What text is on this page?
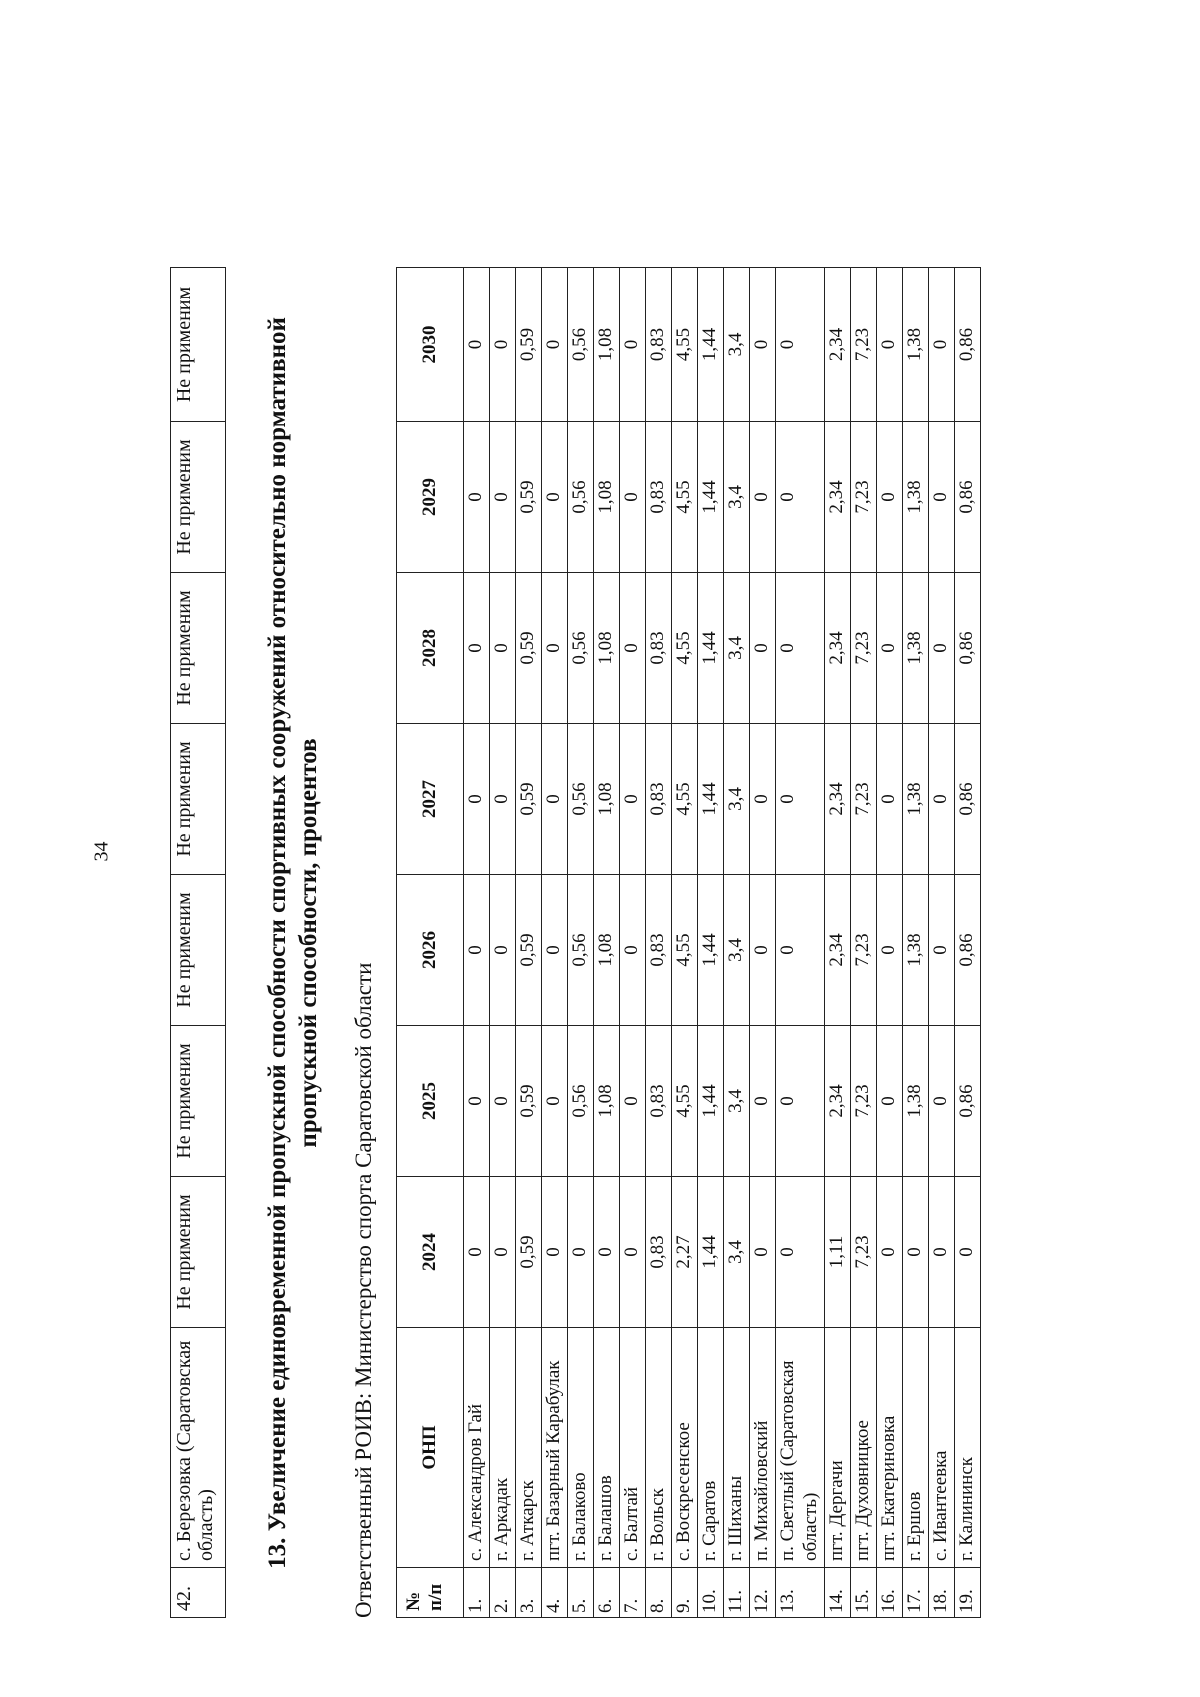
34
42.	с. Березовка (Саратовская область)	Не применим	Не применим	Не применим	Не применим	Не применим	Не применим	Не применим	13. Увеличение единовременной пропускной способности спортивных сооружений относительно нормативной пропускной способности, процентов
Ответственный РОИВ: Министерство спорта Саратовской области № п/п	ОНП	2024	2025	2026	2027	2028	2029	2030
1.	с. Александров Гай	0	0	0	0	0	0	0
2.	г. Аркадак	0	0	0	0	0	0	0
3.	г. Аткарск	0,59	0,59	0,59	0,59	0,59	0,59	0,59
4.	пгт. Базарный Карабулак	0	0	0	0	0	0	0
5.	г. Балаково	0	0,56	0,56	0,56	0,56	0,56	0,56
6.	г. Балашов	0	1,08	1,08	1,08	1,08	1,08	1,08
7.	с. Балтай	0	0	0	0	0	0	0
8.	г. Вольск	0,83	0,83	0,83	0,83	0,83	0,83	0,83
9.	с. Воскресенское	2,27	4,55	4,55	4,55	4,55	4,55	4,55
10.	г. Саратов	1,44	1,44	1,44	1,44	1,44	1,44	1,44
11.	г. Шиханы	3,4	3,4	3,4	3,4	3,4	3,4	3,4
12.	п. Михайловский	0	0	0	0	0	0	0
13.	п. Светлый (Саратовская область)	0	0	0	0	0	0	0
14.	пгт. Дергачи	1,11	2,34	2,34	2,34	2,34	2,34	2,34
15.	пгт. Духовницкое	7,23	7,23	7,23	7,23	7,23	7,23	7,23
16.	пгт. Екатериновка	0	0	0	0	0	0	0
17.	г. Ершов	0	1,38	1,38	1,38	1,38	1,38	1,38
18.	с. Ивантеевка	0	0	0	0	0	0	0
19.	г. Калининск	0	0,86	0,86	0,86	0,86	0,86	0,86
